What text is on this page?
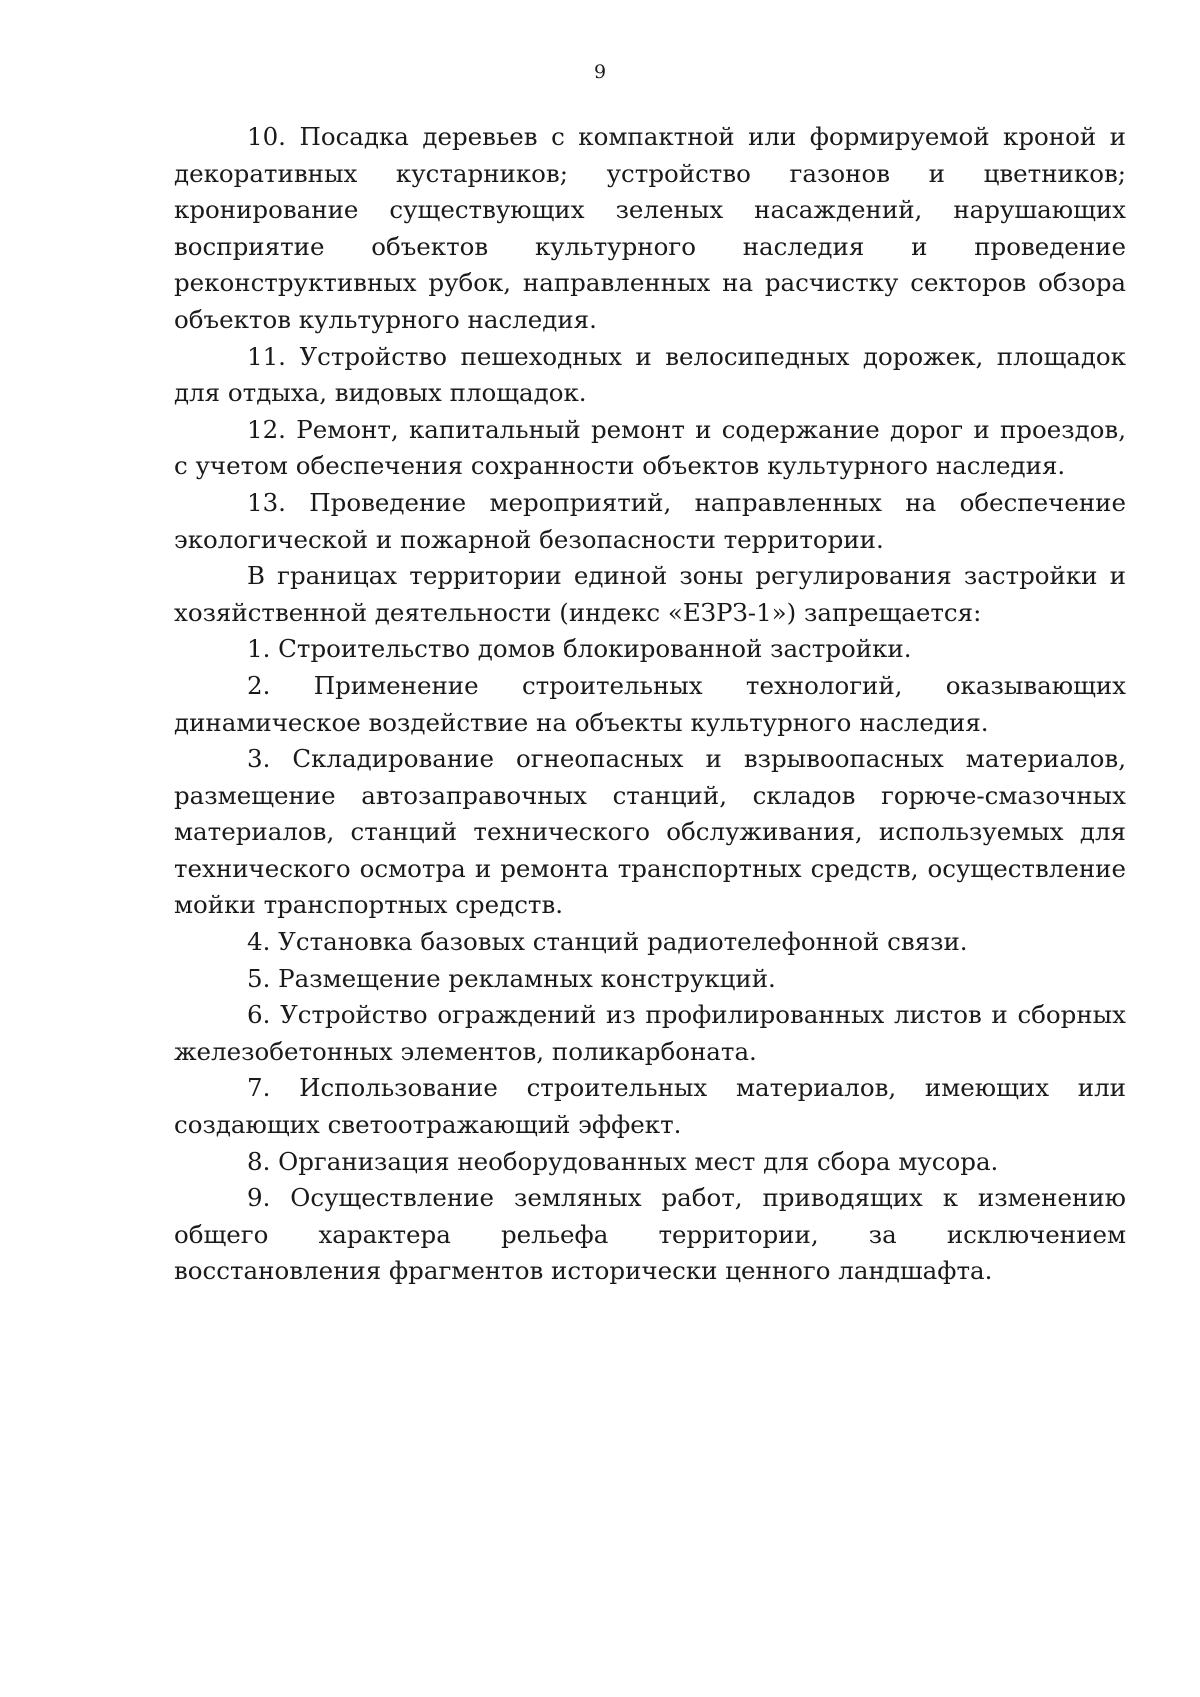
9

10. Посадка деревьев с компактной или формируемой кроной и декоративных кустарников; устройство газонов и цветников; кронирование существующих зеленых насаждений, нарушающих восприятие объектов культурного наследия и проведение реконструктивных рубок, направленных на расчистку секторов обзора объектов культурного наследия.

11. Устройство пешеходных и велосипедных дорожек, площадок для отдыха, видовых площадок.

12. Ремонт, капитальный ремонт и содержание дорог и проездов, с учетом обеспечения сохранности объектов культурного наследия.

13. Проведение мероприятий, направленных на обеспечение экологической и пожарной безопасности территории.

В границах территории единой зоны регулирования застройки и хозяйственной деятельности (индекс «ЕЗРЗ-1») запрещается:

1. Строительство домов блокированной застройки.

2. Применение строительных технологий, оказывающих динамическое воздействие на объекты культурного наследия.

3. Складирование огнеопасных и взрывоопасных материалов, размещение автозаправочных станций, складов горюче-смазочных материалов, станций технического обслуживания, используемых для технического осмотра и ремонта транспортных средств, осуществление мойки транспортных средств.

4. Установка базовых станций радиотелефонной связи.

5. Размещение рекламных конструкций.

6. Устройство ограждений из профилированных листов и сборных железобетонных элементов, поликарбоната.

7. Использование строительных материалов, имеющих или создающих светоотражающий эффект.

8. Организация необорудованных мест для сбора мусора.

9. Осуществление земляных работ, приводящих к изменению общего характера рельефа территории, за исключением восстановления фрагментов исторически ценного ландшафта.
